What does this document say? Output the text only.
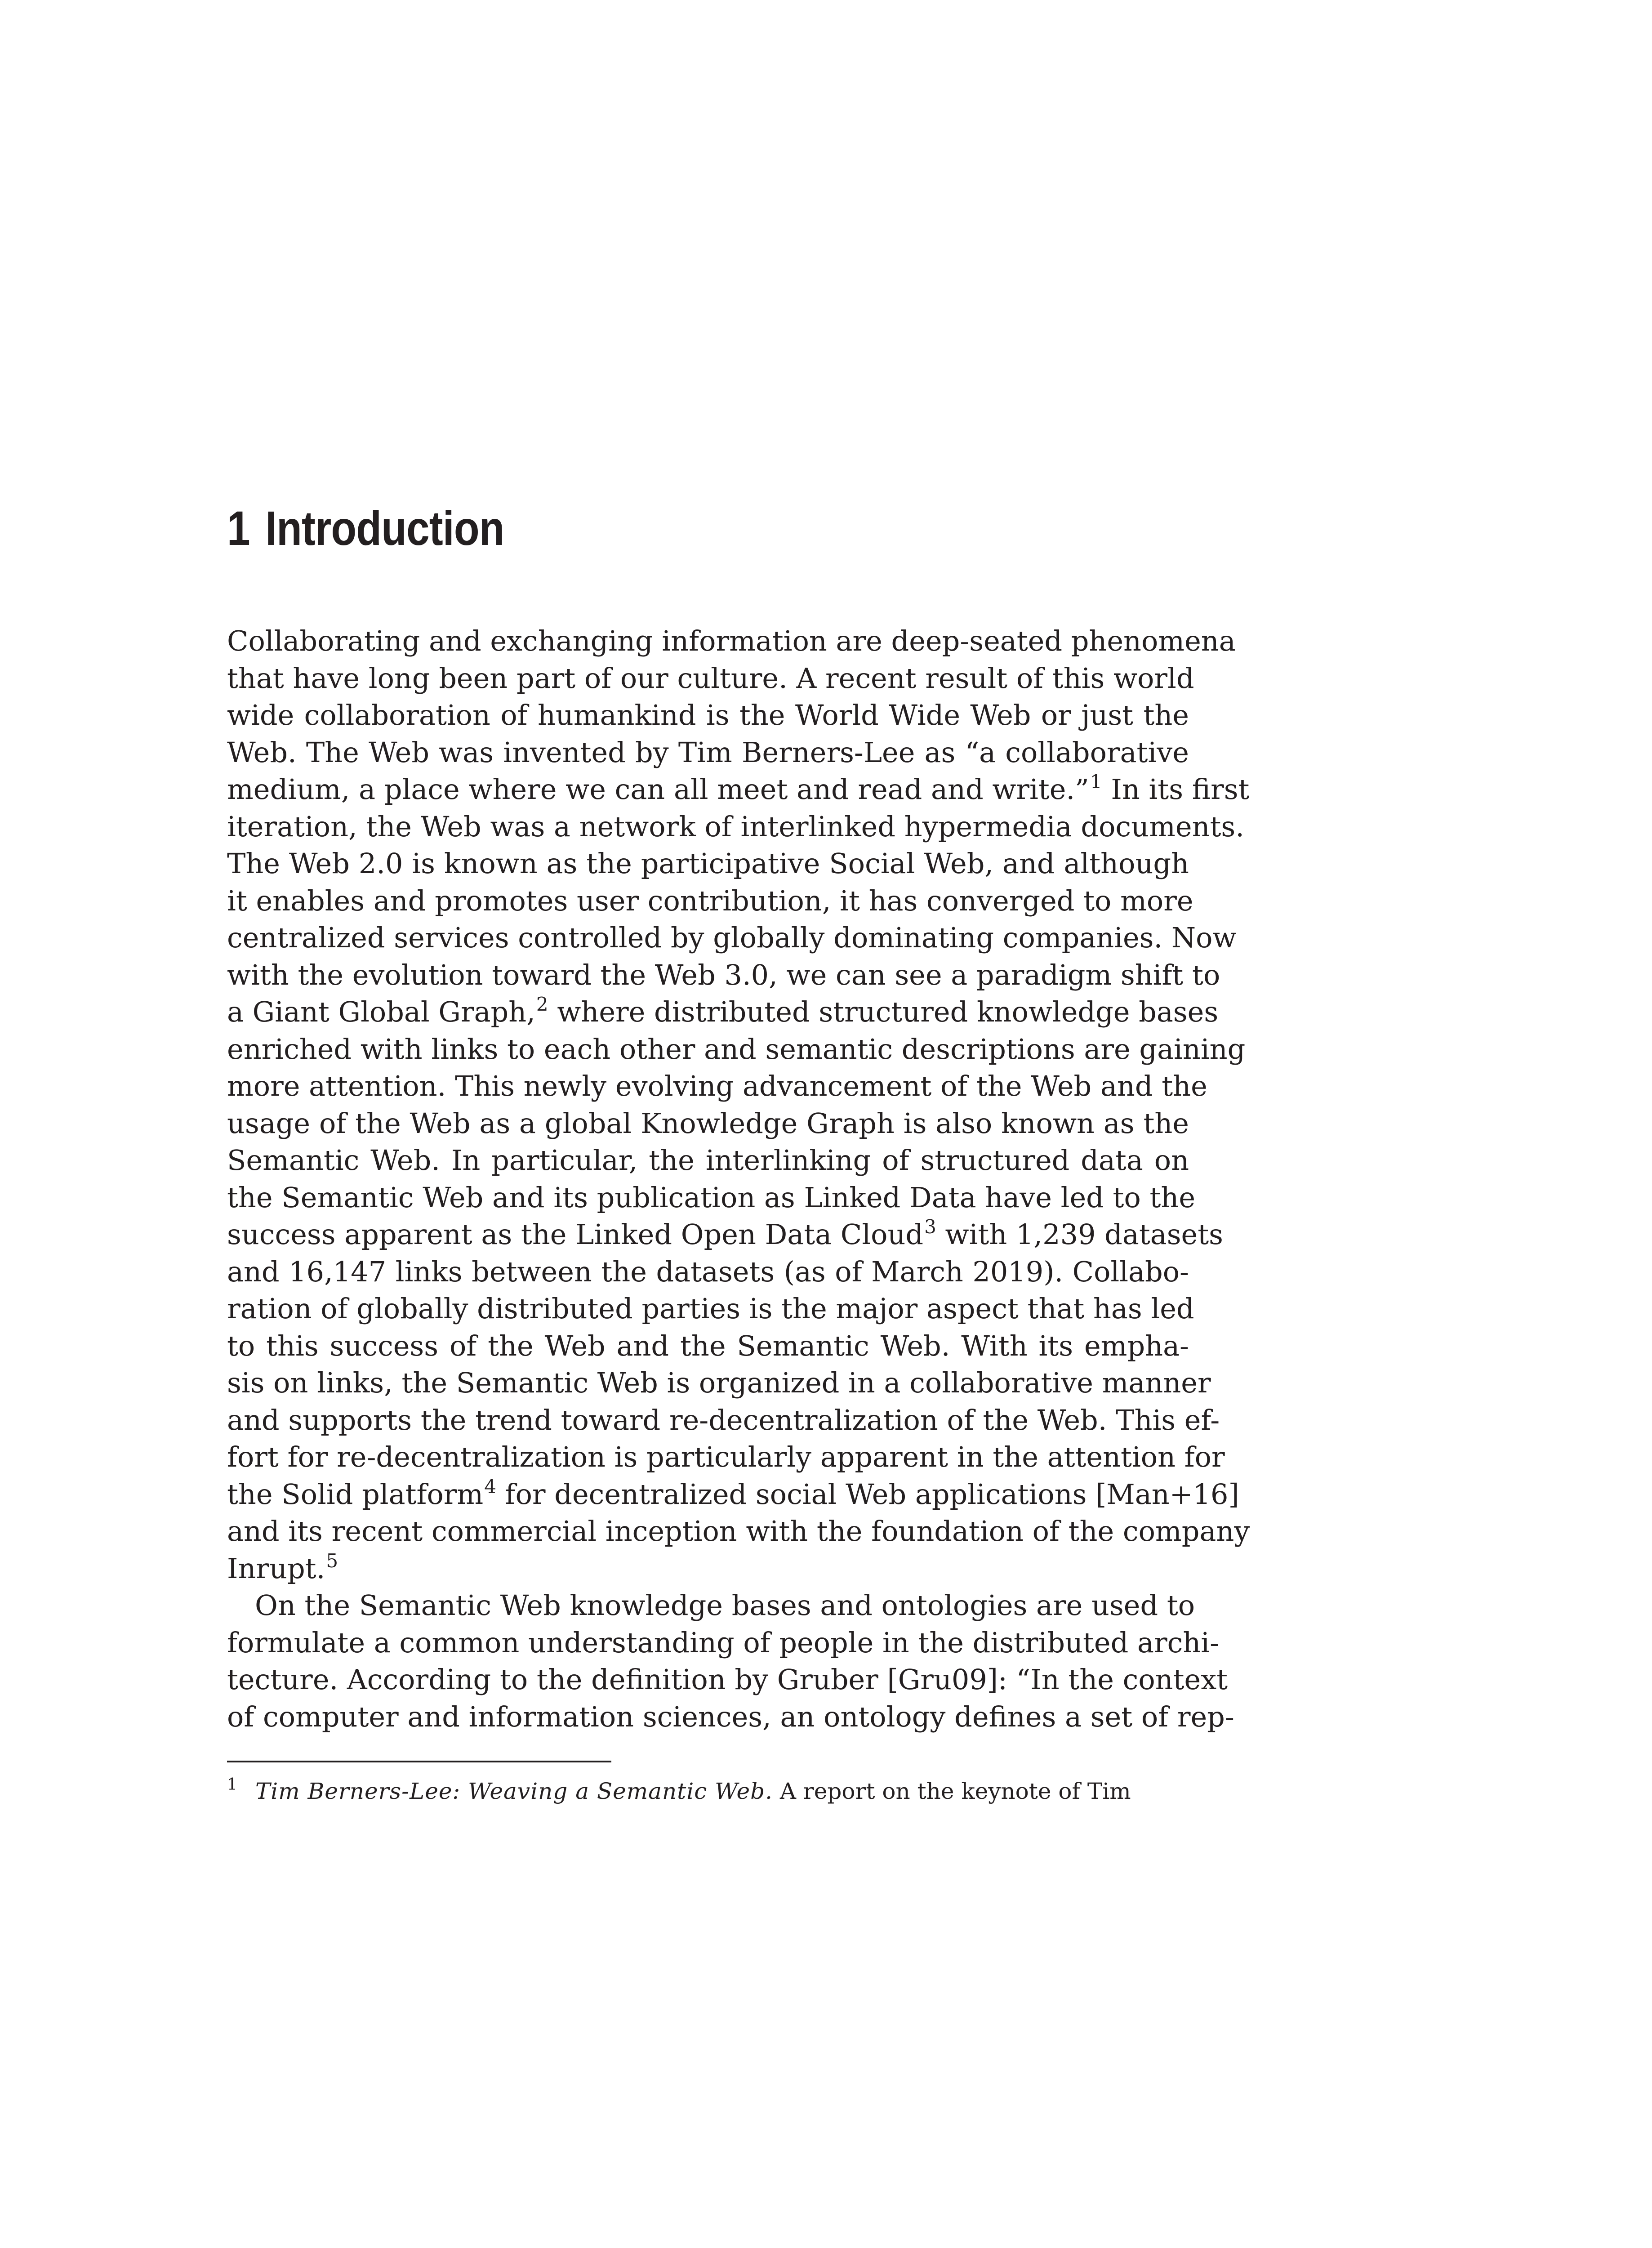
1 Introduction

Collaborating and exchanging information are deep-seated phenomena
that have long been part of our culture. A recent result of this world
wide collaboration of humankind is the World Wide Web or just the
Web. The Web was invented by Tim Berners-Lee as “a collaborative
medium, a place where we can all meet and read and write.”$^1$ In its first
iteration, the Web was a network of interlinked hypermedia documents.
The Web 2.0 is known as the participative Social Web, and although
it enables and promotes user contribution, it has converged to more
centralized services controlled by globally dominating companies. Now
with the evolution toward the Web 3.0, we can see a paradigm shift to
a Giant Global Graph,$^2$ where distributed structured knowledge bases
enriched with links to each other and semantic descriptions are gaining
more attention. This newly evolving advancement of the Web and the
usage of the Web as a global Knowledge Graph is also known as the
Semantic Web. In particular, the interlinking of structured data on
the Semantic Web and its publication as Linked Data have led to the
success apparent as the Linked Open Data Cloud$^3$ with 1,239 datasets
and 16,147 links between the datasets (as of March 2019). Collabo-
ration of globally distributed parties is the major aspect that has led
to this success of the Web and the Semantic Web. With its empha-
sis on links, the Semantic Web is organized in a collaborative manner
and supports the trend toward re-decentralization of the Web. This ef-
fort for re-decentralization is particularly apparent in the attention for
the Solid platform$^4$ for decentralized social Web applications [Man+16]
and its recent commercial inception with the foundation of the company
Inrupt.$^5$

On the Semantic Web knowledge bases and ontologies are used to
formulate a common understanding of people in the distributed archi-
tecture. According to the definition by Gruber [Gru09]: “In the context
of computer and information sciences, an ontology defines a set of rep-

$^1$ Tim Berners-Lee: Weaving a Semantic Web. A report on the keynote of Tim
